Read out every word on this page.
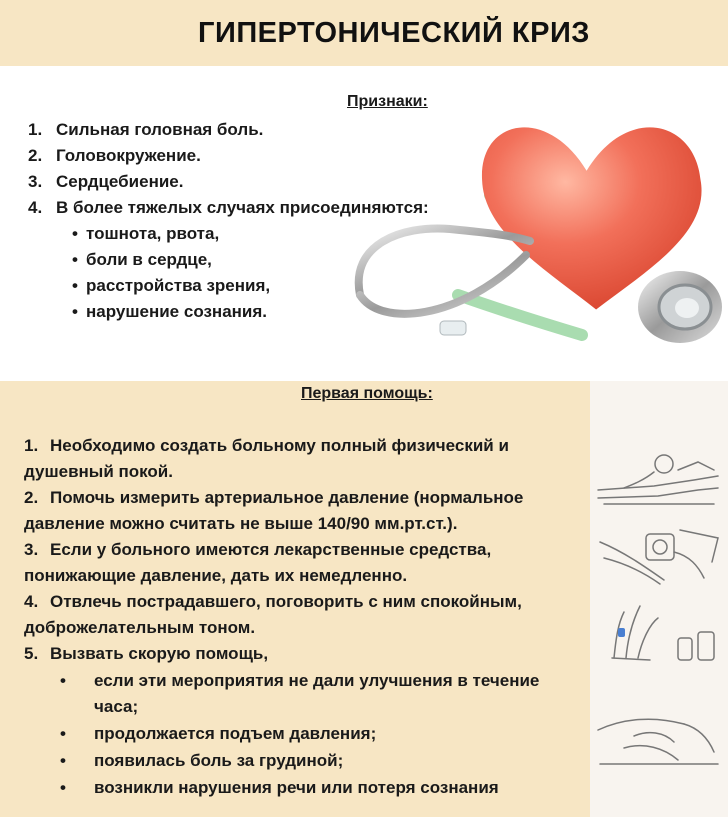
ГИПЕРТОНИЧЕСКИЙ КРИЗ
Признаки:
1. Сильная головная боль.
2. Головокружение.
3. Сердцебиение.
4. В более тяжелых случаях присоединяются:
• тошнота, рвота,
• боли в сердце,
• расстройства зрения,
• нарушение сознания.
Первая помощь:
1. Необходимо создать больному полный физический и
душевный покой.
2. Помочь измерить артериальное давление (нормальное
давление можно считать не выше 140/90 мм.рт.ст.).
3. Если у больного имеются лекарственные средства,
понижающие давление, дать их немедленно.
4. Отвлечь пострадавшего, поговорить с ним спокойным,
доброжелательным тоном.
5. Вызвать скорую помощь,
• если эти мероприятия не дали улучшения в течение часа;
• продолжается подъем давления;
• появилась боль за грудиной;
• возникли нарушения речи или потеря сознания
